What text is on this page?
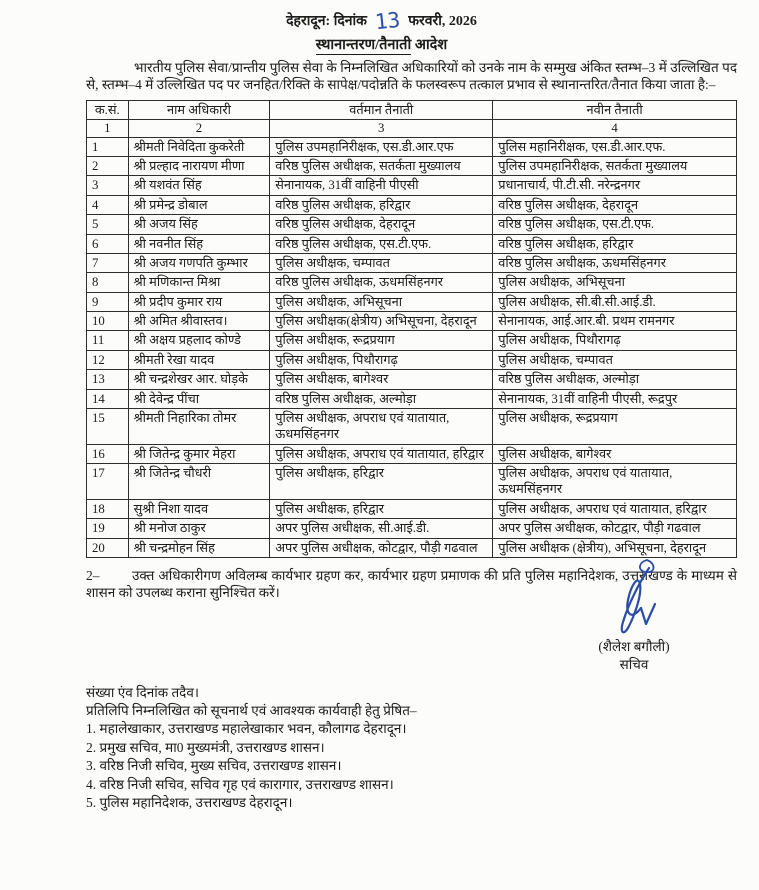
देहरादून: दिनांक 13 फरवरी, 2026
स्थानान्तरण/तैनाती आदेश

भारतीय पुलिस सेवा/प्रान्तीय पुलिस सेवा के निम्नलिखित अधिकारियों को उनके नाम के सम्मुख अंकित स्तम्भ–3 में उल्लिखित पद से, स्तम्भ–4 में उल्लिखित पद पर जनहित/रिक्ति के सापेक्ष/पदोन्नति के फलस्वरूप तत्काल प्रभाव से स्थानान्तरित/तैनात किया जाता है:–

क.सं.	नाम अधिकारी	वर्तमान तैनाती	नवीन तैनाती
1	2	3	4
1	श्रीमती निवेदिता कुकरेती	पुलिस उपमहानिरीक्षक, एस.डी.आर.एफ	पुलिस महानिरीक्षक, एस.डी.आर.एफ.
2	श्री प्रल्हाद नारायण मीणा	वरिष्ठ पुलिस अधीक्षक, सतर्कता मुख्यालय	पुलिस उपमहानिरीक्षक, सतर्कता मुख्यालय
3	श्री यशवंत सिंह	सेनानायक, 31वीं वाहिनी पीएसी	प्रधानाचार्य, पी.टी.सी. नरेन्द्रनगर
4	श्री प्रमेन्द्र डोबाल	वरिष्ठ पुलिस अधीक्षक, हरिद्वार	वरिष्ठ पुलिस अधीक्षक, देहरादून
5	श्री अजय सिंह	वरिष्ठ पुलिस अधीक्षक, देहरादून	वरिष्ठ पुलिस अधीक्षक, एस.टी.एफ.
6	श्री नवनीत सिंह	वरिष्ठ पुलिस अधीक्षक, एस.टी.एफ.	वरिष्ठ पुलिस अधीक्षक, हरिद्वार
7	श्री अजय गणपति कुम्भार	पुलिस अधीक्षक, चम्पावत	वरिष्ठ पुलिस अधीक्षक, ऊधमसिंहनगर
8	श्री मणिकान्त मिश्रा	वरिष्ठ पुलिस अधीक्षक, ऊधमसिंहनगर	पुलिस अधीक्षक, अभिसूचना
9	श्री प्रदीप कुमार राय	पुलिस अधीक्षक, अभिसूचना	पुलिस अधीक्षक, सी.बी.सी.आई.डी.
10	श्री अमित श्रीवास्तव।	पुलिस अधीक्षक(क्षेत्रीय) अभिसूचना, देहरादून	सेनानायक, आई.आर.बी. प्रथम रामनगर
11	श्री अक्षय प्रहलाद कोण्डे	पुलिस अधीक्षक, रूद्रप्रयाग	पुलिस अधीक्षक, पिथौरागढ़
12	श्रीमती रेखा यादव	पुलिस अधीक्षक, पिथौरागढ़	पुलिस अधीक्षक, चम्पावत
13	श्री चन्द्रशेखर आर. घोड़के	पुलिस अधीक्षक, बागेश्वर	वरिष्ठ पुलिस अधीक्षक, अल्मोड़ा
14	श्री देवेन्द्र पींचा	वरिष्ठ पुलिस अधीक्षक, अल्मोड़ा	सेनानायक, 31वीं वाहिनी पीएसी, रूद्रपुर
15	श्रीमती निहारिका तोमर	पुलिस अधीक्षक, अपराध एवं यातायात, ऊधमसिंहनगर	पुलिस अधीक्षक, रूद्रप्रयाग
16	श्री जितेन्द्र कुमार मेहरा	पुलिस अधीक्षक, अपराध एवं यातायात, हरिद्वार	पुलिस अधीक्षक, बागेश्वर
17	श्री जितेन्द्र चौधरी	पुलिस अधीक्षक, हरिद्वार	पुलिस अधीक्षक, अपराध एवं यातायात, ऊधमसिंहनगर
18	सुश्री निशा यादव	पुलिस अधीक्षक, हरिद्वार	पुलिस अधीक्षक, अपराध एवं यातायात, हरिद्वार
19	श्री मनोज ठाकुर	अपर पुलिस अधीक्षक, सी.आई.डी.	अपर पुलिस अधीक्षक, कोटद्वार, पौड़ी गढवाल
20	श्री चन्द्रमोहन सिंह	अपर पुलिस अधीक्षक, कोटद्वार, पौड़ी गढवाल	पुलिस अधीक्षक (क्षेत्रीय), अभिसूचना, देहरादून
2– उक्त अधिकारीगण अविलम्ब कार्यभार ग्रहण कर, कार्यभार ग्रहण प्रमाणक की प्रति पुलिस महानिदेशक, उत्तराखण्ड के माध्यम से शासन को उपलब्ध कराना सुनिश्चित करें।
(शैलेश बगौली)
सचिव

संख्या एंव दिनांक तदैव।

प्रतिलिपि निम्नलिखित को सूचनार्थ एवं आवश्यक कार्यवाही हेतु प्रेषित–

1. महालेखाकार, उत्तराखण्ड महालेखाकार भवन, कौलागढ देहरादून।
2. प्रमुख सचिव, मा0 मुख्यमंत्री, उत्तराखण्ड शासन।
3. वरिष्ठ निजी सचिव, मुख्य सचिव, उत्तराखण्ड शासन।
4. वरिष्ठ निजी सचिव, सचिव गृह एवं कारागार, उत्तराखण्ड शासन।
5. पुलिस महानिदेशक, उत्तराखण्ड देहरादून।
